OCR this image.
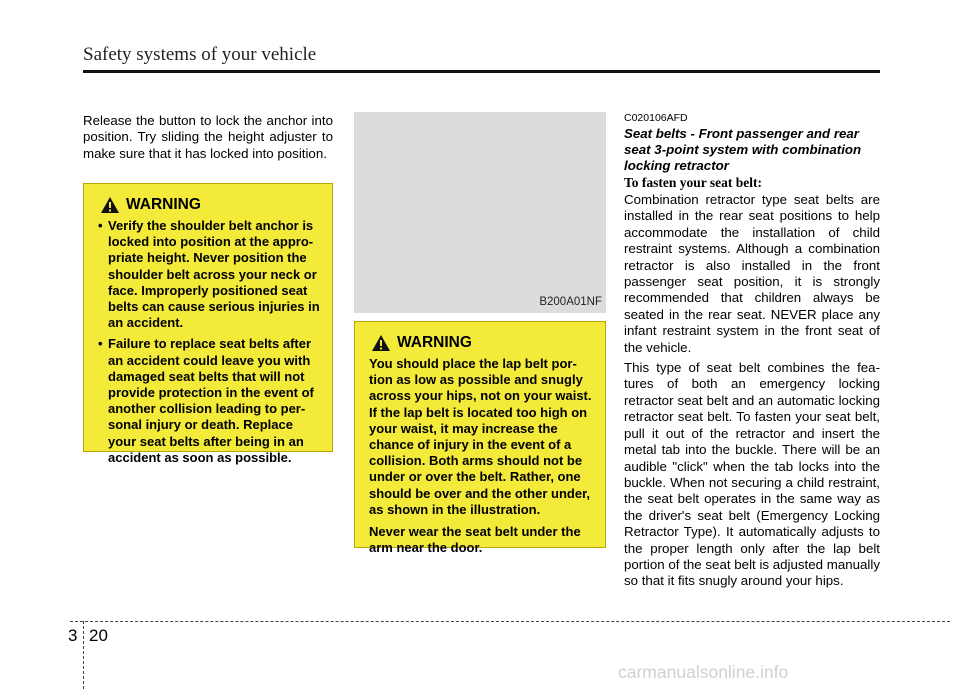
Safety systems of your vehicle
Release the button to lock the anchor into position. Try sliding the height adjuster to make sure that it has locked into position.
WARNING
• Verify the shoulder belt anchor is locked into position at the appropriate height. Never position the shoulder belt across your neck or face. Improperly positioned seat belts can cause serious injuries in an accident.
• Failure to replace seat belts after an accident could leave you with damaged seat belts that will not provide protection in the event of another collision leading to personal injury or death. Replace your seat belts after being in an accident as soon as possible.
B200A01NF
WARNING

You should place the lap belt portion as low as possible and snugly across your hips, not on your waist. If the lap belt is located too high on your waist, it may increase the chance of injury in the event of a collision. Both arms should not be under or over the belt. Rather, one should be over and the other under, as shown in the illustration.

Never wear the seat belt under the arm near the door.

C020106AFD
Seat belts - Front passenger and rear seat 3-point system with combination locking retractor
To fasten your seat belt:

Combination retractor type seat belts are installed in the rear seat positions to help accommodate the installation of child restraint systems. Although a combination retractor is also installed in the front passenger seat position, it is strongly recommended that children always be seated in the rear seat. NEVER place any infant restraint system in the front seat of the vehicle.

This type of seat belt combines the features of both an emergency locking retractor seat belt and an automatic locking retractor seat belt. To fasten your seat belt, pull it out of the retractor and insert the metal tab into the buckle. There will be an audible "click" when the tab locks into the buckle. When not securing a child restraint, the seat belt operates in the same way as the driver's seat belt (Emergency Locking Retractor Type). It automatically adjusts to the proper length only after the lap belt portion of the seat belt is adjusted manually so that it fits snugly around your hips.

3 20
carmanualsonline.info
